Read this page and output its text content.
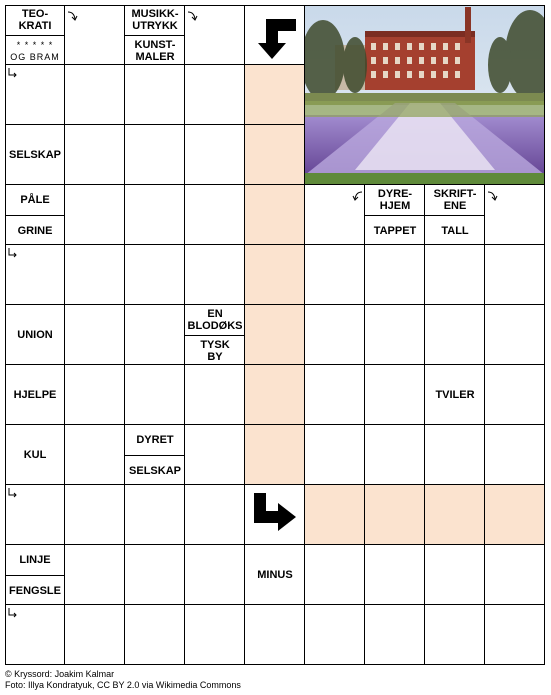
TEO-
KRATI
* * * * *
OG BRAM
MUSIKK-
UTRYKK
KUNST-
MALER
SELSKAP
PÅLE
GRINE
UNION
HJELPE
KUL
LINJE
FENGSLE
DYRE-
HJEM
TAPPET
SKRIFT-
ENE
TALL
EN
BLODØKS
TYSK
BY
TVILER
DYRET
SELSKAP
MINUS
© Kryssord: Joakim Kalmar
Foto: Illya Kondratyuk, CC BY 2.0 via Wikimedia Commons
